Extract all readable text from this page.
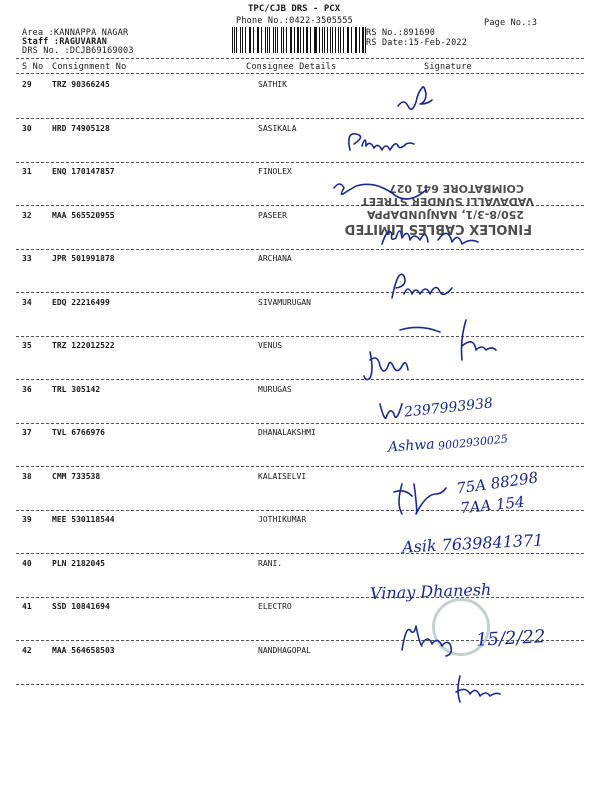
TPC/CJB DRS - PCX
Phone No.:0422-3505555	Page No.:3
Area :KANNAPPA NAGAR
Staff :RAGUVARAN
DRS No. :DCJB69169003
RS No.:891690
RS Date:15-Feb-2022
S No Consignment No	Consignee Details	Signature
29	TRZ 90366245	SATHIK
30	HRD 74905128	SASIKALA
31	ENQ 170147857	FINOLEX
32	MAA 565520955	PASEER
33	JPR 501991878	ARCHANA
34	EDQ 22216499	SIVAMURUGAN
35	TRZ 122012522	VENUS
36	TRL 305142	MURUGAS
37	TVL 6766976	DHANALAKSHMI
38	CMM 733538	KALAISELVI
39	MEE 530118544	JOTHIKUMAR
40	PLN 2182045	RANI.
41	SSD 10841694	ELECTRO
42	MAA 564658503	NANDHAGOPAL
FINOLEX CABLES LIMITED
250/8-3/1, NANJUNDAPPA
VADAVALLI SUNDER STREET
COIMBATORE 641 027
2397993938
Ashwa 9002930025
75A 88298
7AA 154
Asik 7639841371
Vinay Dhanesh
15/2/22
